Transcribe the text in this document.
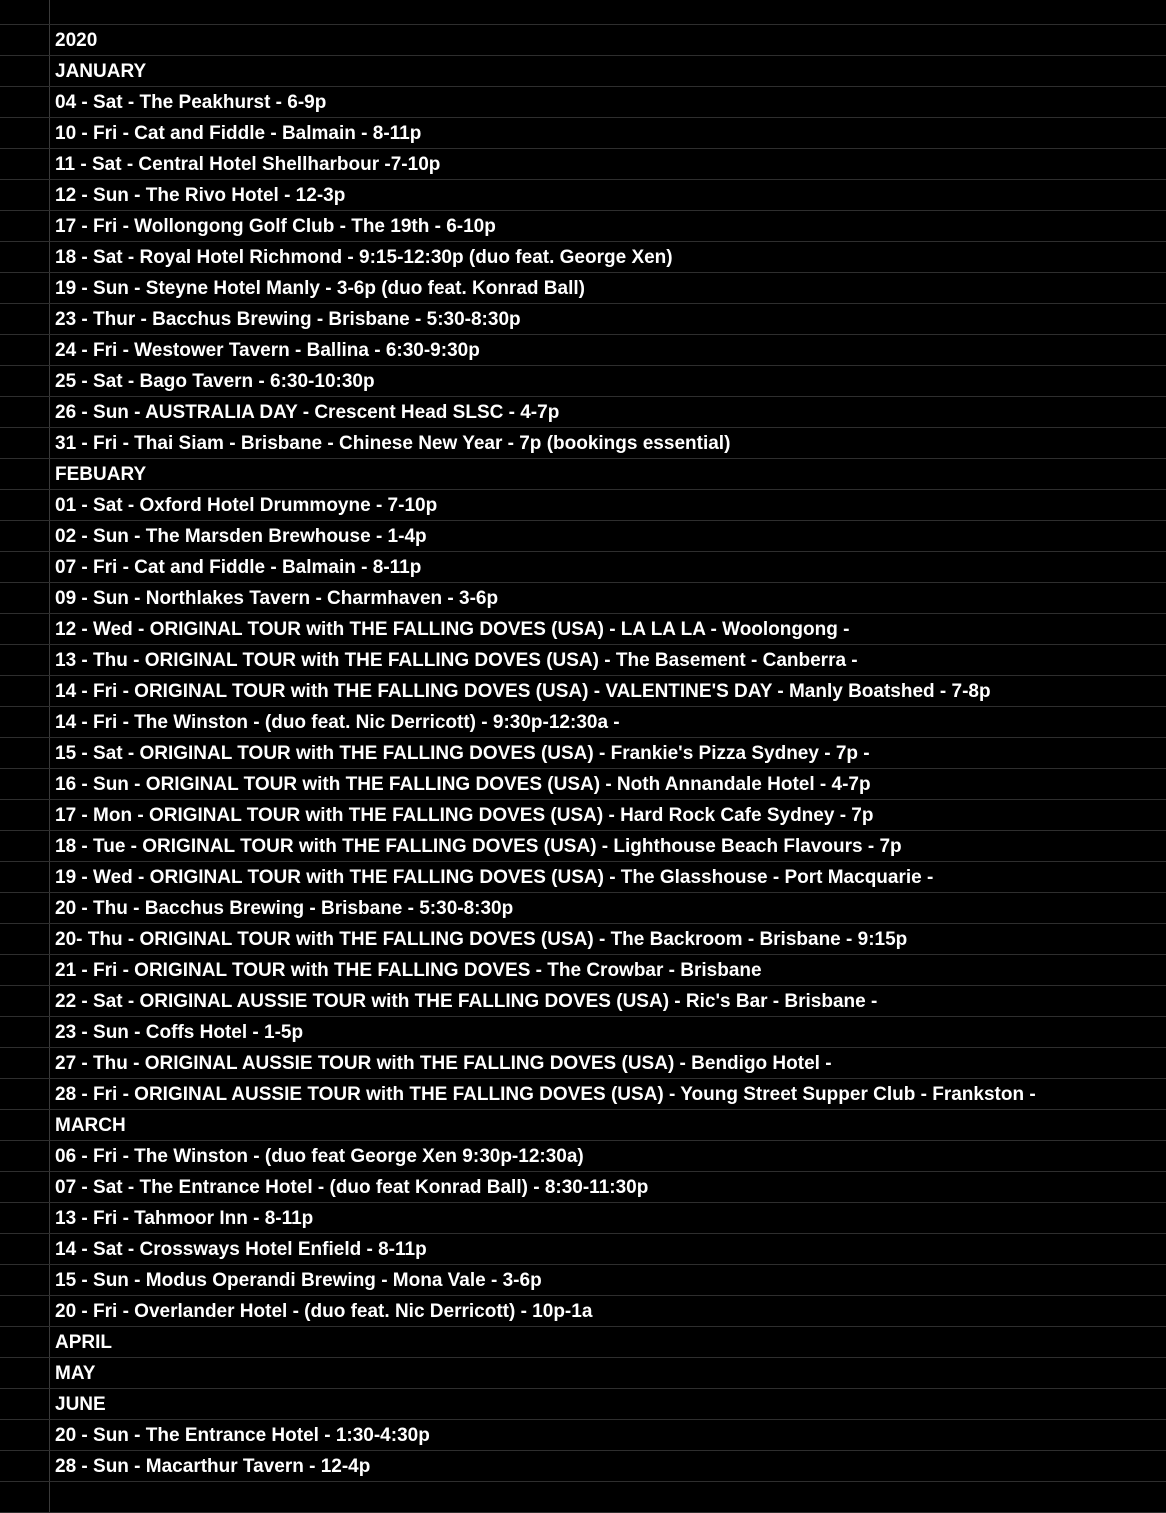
2020
JANUARY
04 - Sat - The Peakhurst - 6-9p
10 - Fri - Cat and Fiddle - Balmain - 8-11p
11 - Sat - Central Hotel Shellharbour -7-10p
12 - Sun - The Rivo Hotel - 12-3p
17 - Fri - Wollongong Golf Club - The 19th - 6-10p
18 - Sat - Royal Hotel Richmond - 9:15-12:30p (duo feat. George Xen)
19 - Sun - Steyne Hotel Manly - 3-6p (duo feat. Konrad Ball)
23 - Thur - Bacchus Brewing - Brisbane - 5:30-8:30p
24 - Fri - Westower Tavern - Ballina - 6:30-9:30p
25 - Sat - Bago Tavern - 6:30-10:30p
26 - Sun - AUSTRALIA DAY - Crescent Head SLSC - 4-7p
31 - Fri - Thai Siam - Brisbane - Chinese New Year - 7p (bookings essential)
FEBUARY
01 - Sat - Oxford Hotel Drummoyne - 7-10p
02 - Sun - The Marsden Brewhouse - 1-4p
07 - Fri - Cat and Fiddle - Balmain - 8-11p
09 - Sun - Northlakes Tavern - Charmhaven - 3-6p
12 - Wed - ORIGINAL TOUR with THE FALLING DOVES (USA) - LA LA LA - Woolongong -
13 - Thu - ORIGINAL TOUR with THE FALLING DOVES (USA) - The Basement - Canberra -
14 - Fri - ORIGINAL TOUR with THE FALLING DOVES (USA) - VALENTINE'S DAY - Manly Boatshed - 7-8p
14 - Fri - The Winston - (duo feat. Nic Derricott) - 9:30p-12:30a -
15 - Sat - ORIGINAL TOUR with THE FALLING DOVES (USA) - Frankie's Pizza Sydney - 7p -
16 - Sun - ORIGINAL TOUR with THE FALLING DOVES (USA) - Noth Annandale Hotel - 4-7p
17 - Mon - ORIGINAL TOUR with THE FALLING DOVES (USA) - Hard Rock Cafe Sydney - 7p
18 - Tue - ORIGINAL TOUR with THE FALLING DOVES (USA) - Lighthouse Beach Flavours - 7p
19 - Wed - ORIGINAL TOUR with THE FALLING DOVES (USA) - The Glasshouse - Port Macquarie -
20 - Thu - Bacchus Brewing - Brisbane - 5:30-8:30p
20- Thu - ORIGINAL TOUR with THE FALLING DOVES (USA) - The Backroom - Brisbane - 9:15p
21 - Fri - ORIGINAL TOUR with THE FALLING DOVES - The Crowbar - Brisbane
22 - Sat - ORIGINAL AUSSIE TOUR with THE FALLING DOVES (USA) - Ric's Bar - Brisbane -
23 - Sun - Coffs Hotel - 1-5p
27 - Thu - ORIGINAL AUSSIE TOUR with THE FALLING DOVES (USA) - Bendigo Hotel -
28 - Fri - ORIGINAL AUSSIE TOUR with THE FALLING DOVES (USA) - Young Street Supper Club - Frankston -
MARCH
06 - Fri - The Winston - (duo feat George Xen 9:30p-12:30a)
07 - Sat - The Entrance Hotel - (duo feat Konrad Ball) - 8:30-11:30p
13 - Fri - Tahmoor Inn - 8-11p
14 - Sat - Crossways Hotel Enfield - 8-11p
15 - Sun - Modus Operandi Brewing - Mona Vale - 3-6p
20 - Fri - Overlander Hotel - (duo feat. Nic Derricott) - 10p-1a
APRIL
MAY
JUNE
20 - Sun - The Entrance Hotel - 1:30-4:30p
28 - Sun - Macarthur Tavern - 12-4p
